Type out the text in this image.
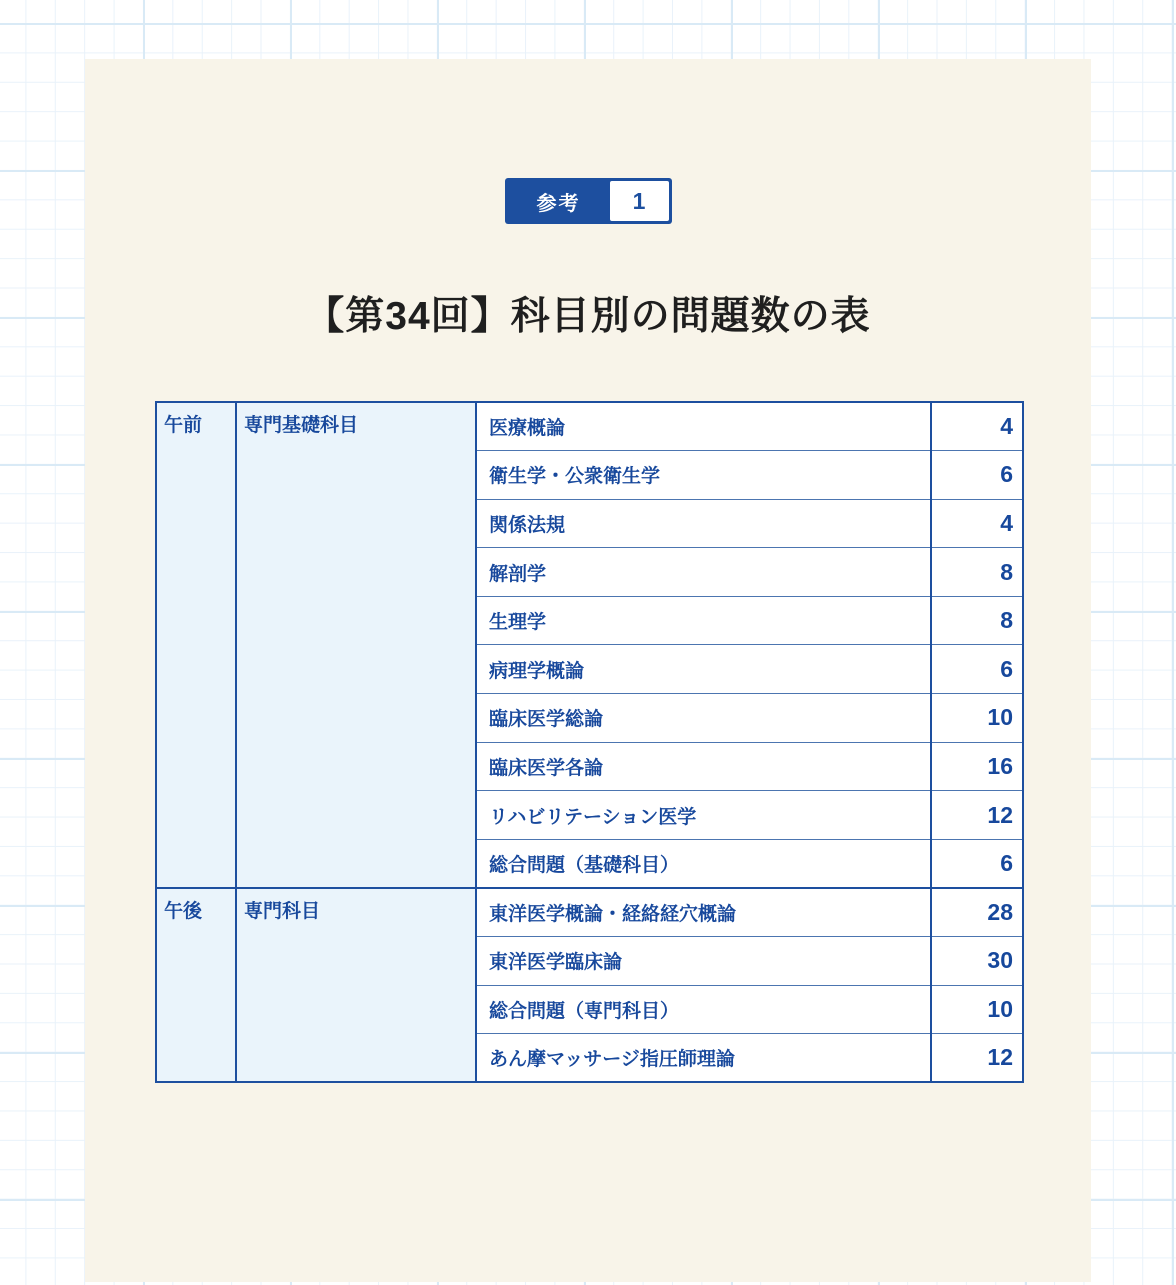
参考	1
【第34回】科目別の問題数の表
午前	専門基礎科目	医療概論	4
		衛生学・公衆衛生学	6
		関係法規	4
		解剖学	8
		生理学	8
		病理学概論	6
		臨床医学総論	10
		臨床医学各論	16
		リハビリテーション医学	12
		総合問題（基礎科目）	6
午後	専門科目	東洋医学概論・経絡経穴概論	28
		東洋医学臨床論	30
		総合問題（専門科目）	10
		あん摩マッサージ指圧師理論	12
